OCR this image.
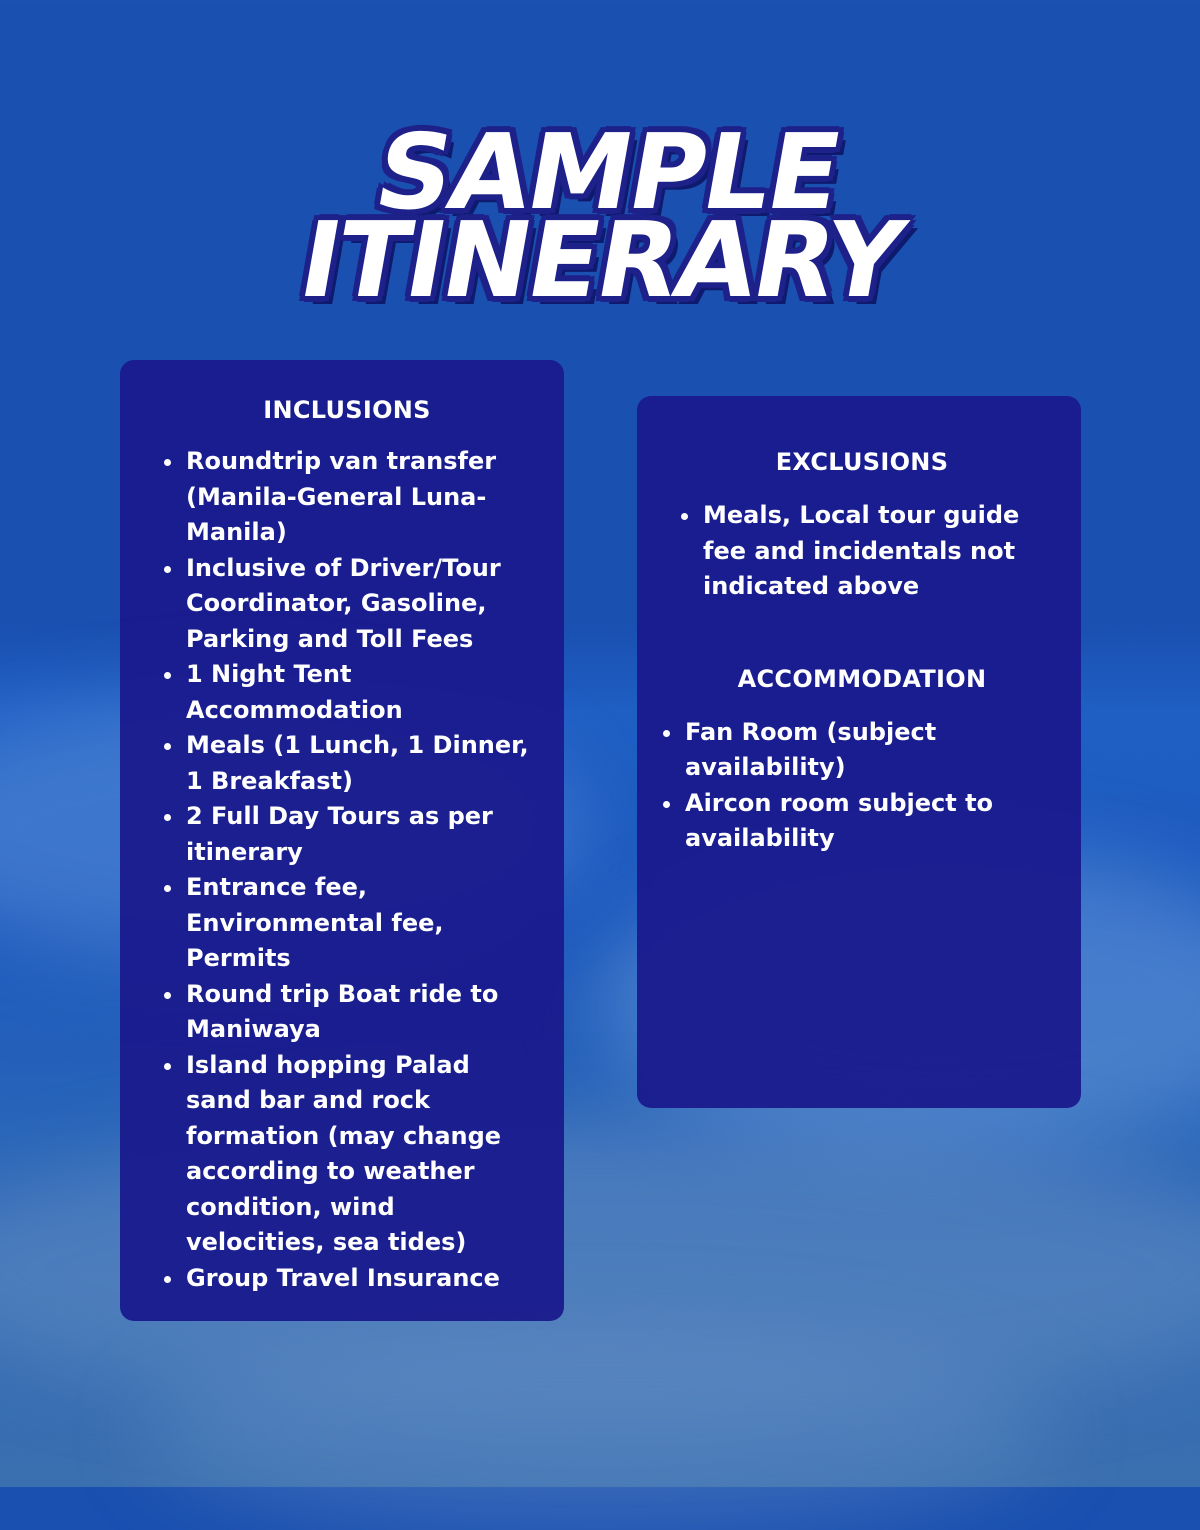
SAMPLE
ITINERARY
INCLUSIONS
Roundtrip van transfer (Manila-General Luna-Manila)
Inclusive of Driver/Tour Coordinator, Gasoline, Parking and Toll Fees
1 Night Tent Accommodation
Meals (1 Lunch, 1 Dinner, 1 Breakfast)
2 Full Day Tours as per itinerary
Entrance fee, Environmental fee, Permits
Round trip Boat ride to Maniwaya
Island hopping Palad sand bar and rock formation (may change according to weather condition, wind velocities, sea tides)
Group Travel Insurance
EXCLUSIONS
Meals, Local tour guide fee and incidentals not indicated above
ACCOMMODATION
Fan Room (subject availability)
Aircon room subject to availability
